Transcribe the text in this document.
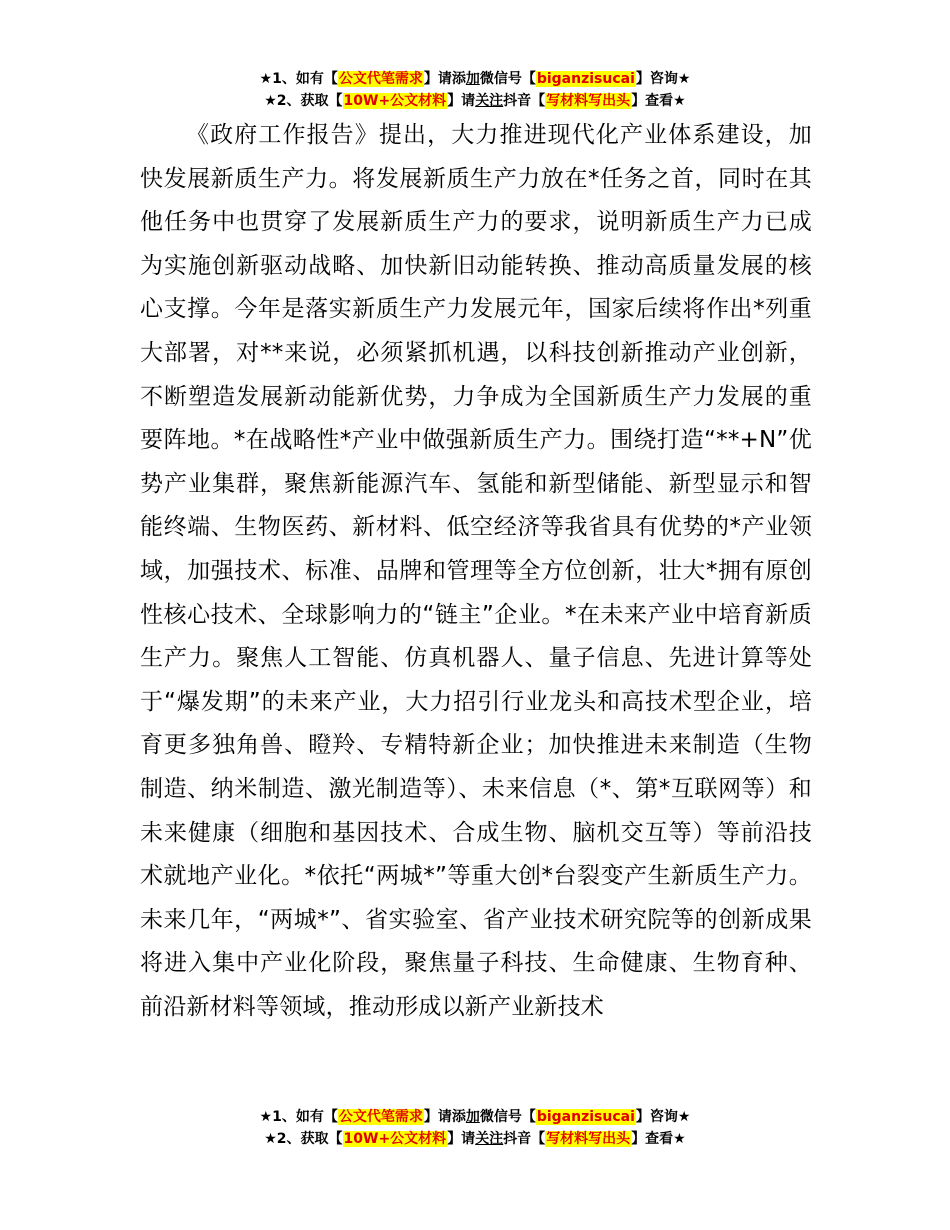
★1、如有【公文代笔需求】请添加微信号【biganzisucai】咨询★
★2、获取【10W+公文材料】请关注抖音【写材料写出头】查看★

《政府工作报告》提出，大力推进现代化产业体系建设，加快发展新质生产力。将发展新质生产力放在*任务之首，同时在其他任务中也贯穿了发展新质生产力的要求，说明新质生产力已成为实施创新驱动战略、加快新旧动能转换、推动高质量发展的核心支撑。今年是落实新质生产力发展元年，国家后续将作出*列重大部署，对**来说，必须紧抓机遇，以科技创新推动产业创新，不断塑造发展新动能新优势，力争成为全国新质生产力发展的重要阵地。*在战略性*产业中做强新质生产力。围绕打造“**+N”优势产业集群，聚焦新能源汽车、氢能和新型储能、新型显示和智能终端、生物医药、新材料、低空经济等我省具有优势的*产业领域，加强技术、标准、品牌和管理等全方位创新，壮大*拥有原创性核心技术、全球影响力的“链主”企业。*在未来产业中培育新质生产力。聚焦人工智能、仿真机器人、量子信息、先进计算等处于“爆发期”的未来产业，大力招引行业龙头和高技术型企业，培育更多独角兽、瞪羚、专精特新企业；加快推进未来制造（生物制造、纳米制造、激光制造等）、未来信息（*、第*互联网等）和未来健康（细胞和基因技术、合成生物、脑机交互等）等前沿技术就地产业化。*依托“两城*”等重大创*台裂变产生新质生产力。未来几年，“两城*”、省实验室、省产业技术研究院等的创新成果将进入集中产业化阶段，聚焦量子科技、生命健康、生物育种、前沿新材料等领域，推动形成以新产业新技术

★1、如有【公文代笔需求】请添加微信号【biganzisucai】咨询★
★2、获取【10W+公文材料】请关注抖音【写材料写出头】查看★
